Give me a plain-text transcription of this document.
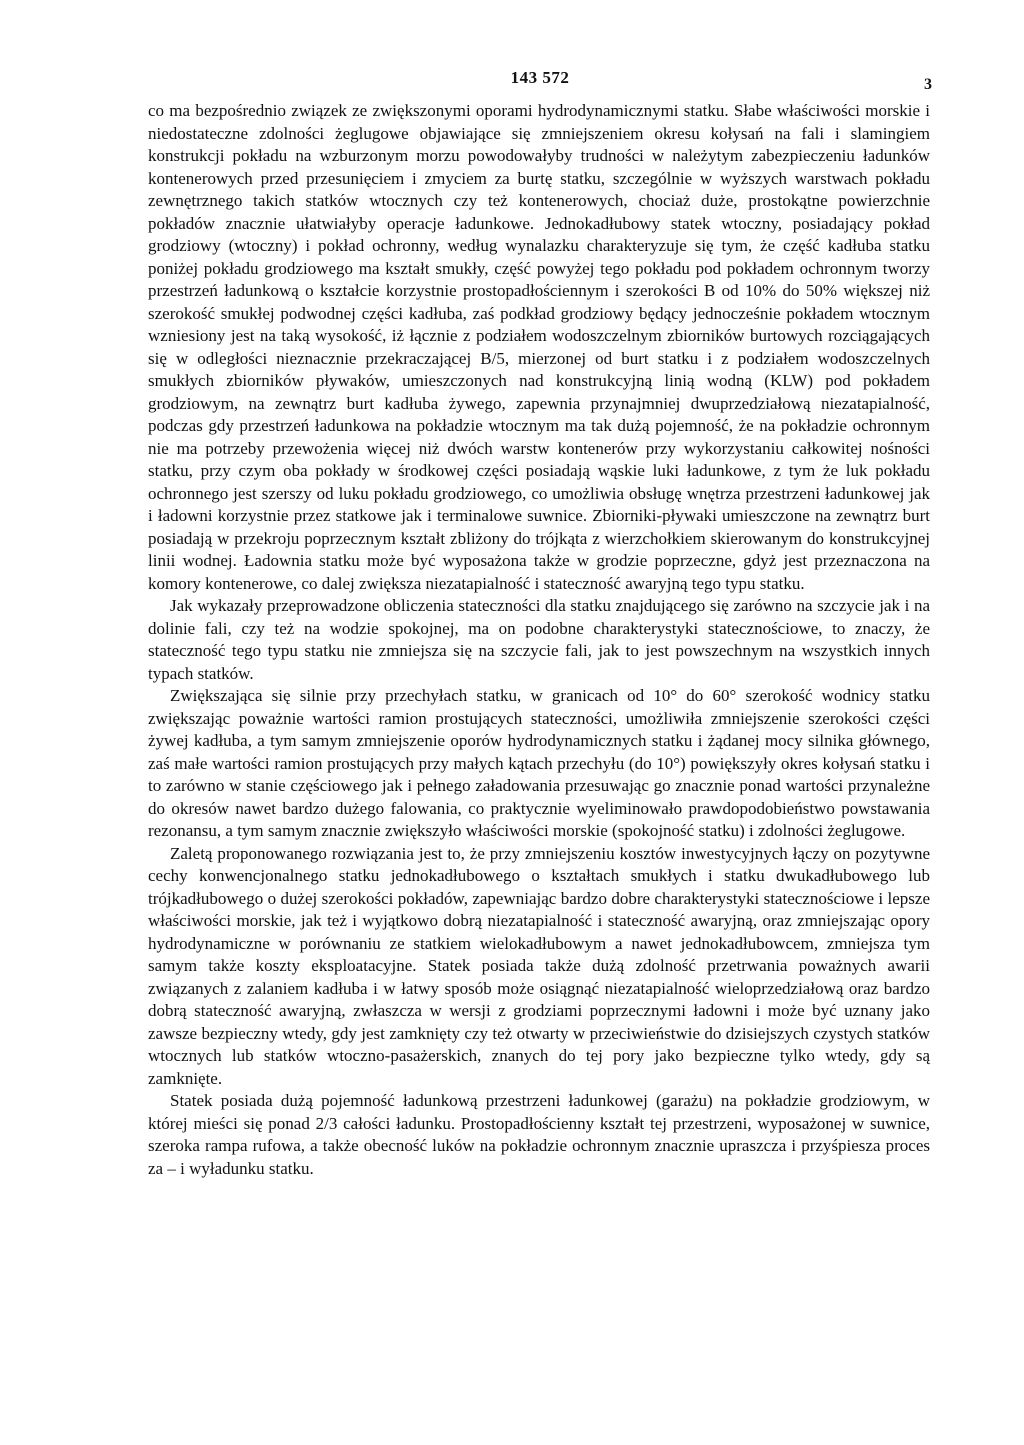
143 572	3

co ma bezpośrednio związek ze zwiększonymi oporami hydrodynamicznymi statku. Słabe właściwości morskie i niedostateczne zdolności żeglugowe objawiające się zmniejszeniem okresu kołysań na fali i slamingiem konstrukcji pokładu na wzburzonym morzu powodowałyby trudności w należytym zabezpieczeniu ładunków kontenerowych przed przesunięciem i zmyciem za burtę statku, szczególnie w wyższych warstwach pokładu zewnętrznego takich statków wtocznych czy też kontenerowych, chociaż duże, prostokątne powierzchnie pokładów znacznie ułatwiałyby operacje ładunkowe. Jednokadłubowy statek wtoczny, posiadający pokład grodziowy (wtoczny) i pokład ochronny, według wynalazku charakteryzuje się tym, że część kadłuba statku poniżej pokładu grodziowego ma kształt smukły, część powyżej tego pokładu pod pokładem ochronnym tworzy przestrzeń ładunkową o kształcie korzystnie prostopadłościennym i szerokości B od 10% do 50% większej niż szerokość smukłej podwodnej części kadłuba, zaś podkład grodziowy będący jednocześnie pokładem wtocznym wzniesiony jest na taką wysokość, iż łącznie z podziałem wodoszczelnym zbiorników burtowych rozciągających się w odległości nieznacznie przekraczającej B/5, mierzonej od burt statku i z podziałem wodoszczelnych smukłych zbiorników pływaków, umieszczonych nad konstrukcyjną linią wodną (KLW) pod pokładem grodziowym, na zewnątrz burt kadłuba żywego, zapewnia przynajmniej dwuprzedziałową niezatapialność, podczas gdy przestrzeń ładunkowa na pokładzie wtocznym ma tak dużą pojemność, że na pokładzie ochronnym nie ma potrzeby przewożenia więcej niż dwóch warstw kontenerów przy wykorzystaniu całkowitej nośności statku, przy czym oba pokłady w środkowej części posiadają wąskie luki ładunkowe, z tym że luk pokładu ochronnego jest szerszy od luku pokładu grodziowego, co umożliwia obsługę wnętrza przestrzeni ładunkowej jak i ładowni korzystnie przez statkowe jak i terminalowe suwnice. Zbiorniki-pływaki umieszczone na zewnątrz burt posiadają w przekroju poprzecznym kształt zbliżony do trójkąta z wierzchołkiem skierowanym do konstrukcyjnej linii wodnej. Ładownia statku może być wyposażona także w grodzie poprzeczne, gdyż jest przeznaczona na komory kontenerowe, co dalej zwiększa niezatapialność i stateczność awaryjną tego typu statku.

Jak wykazały przeprowadzone obliczenia stateczności dla statku znajdującego się zarówno na szczycie jak i na dolinie fali, czy też na wodzie spokojnej, ma on podobne charakterystyki statecznościowe, to znaczy, że stateczność tego typu statku nie zmniejsza się na szczycie fali, jak to jest powszechnym na wszystkich innych typach statków.

Zwiększająca się silnie przy przechyłach statku, w granicach od 10° do 60° szerokość wodnicy statku zwiększając poważnie wartości ramion prostujących stateczności, umożliwiła zmniejszenie szerokości części żywej kadłuba, a tym samym zmniejszenie oporów hydrodynamicznych statku i żądanej mocy silnika głównego, zaś małe wartości ramion prostujących przy małych kątach przechyłu (do 10°) powiększyły okres kołysań statku i to zarówno w stanie częściowego jak i pełnego załadowania przesuwając go znacznie ponad wartości przynależne do okresów nawet bardzo dużego falowania, co praktycznie wyeliminowało prawdopodobieństwo powstawania rezonansu, a tym samym znacznie zwiększyło właściwości morskie (spokojność statku) i zdolności żeglugowe.

Zaletą proponowanego rozwiązania jest to, że przy zmniejszeniu kosztów inwestycyjnych łączy on pozytywne cechy konwencjonalnego statku jednokadłubowego o kształtach smukłych i statku dwukadłubowego lub trójkadłubowego o dużej szerokości pokładów, zapewniając bardzo dobre charakterystyki statecznościowe i lepsze właściwości morskie, jak też i wyjątkowo dobrą niezatapialność i stateczność awaryjną, oraz zmniejszając opory hydrodynamiczne w porównaniu ze statkiem wielokadłubowym a nawet jednokadłubowcem, zmniejsza tym samym także koszty eksploatacyjne. Statek posiada także dużą zdolność przetrwania poważnych awarii związanych z zalaniem kadłuba i w łatwy sposób może osiągnąć niezatapialność wieloprzedziałową oraz bardzo dobrą stateczność awaryjną, zwłaszcza w wersji z grodziami poprzecznymi ładowni i może być uznany jako zawsze bezpieczny wtedy, gdy jest zamknięty czy też otwarty w przeciwieństwie do dzisiejszych czystych statków wtocznych lub statków wtoczno-pasażerskich, znanych do tej pory jako bezpieczne tylko wtedy, gdy są zamknięte.

Statek posiada dużą pojemność ładunkową przestrzeni ładunkowej (garażu) na pokładzie grodziowym, w której mieści się ponad 2/3 całości ładunku. Prostopadłościenny kształt tej przestrzeni, wyposażonej w suwnice, szeroka rampa rufowa, a także obecność luków na pokładzie ochronnym znacznie upraszcza i przyśpiesza proces za – i wyładunku statku.
